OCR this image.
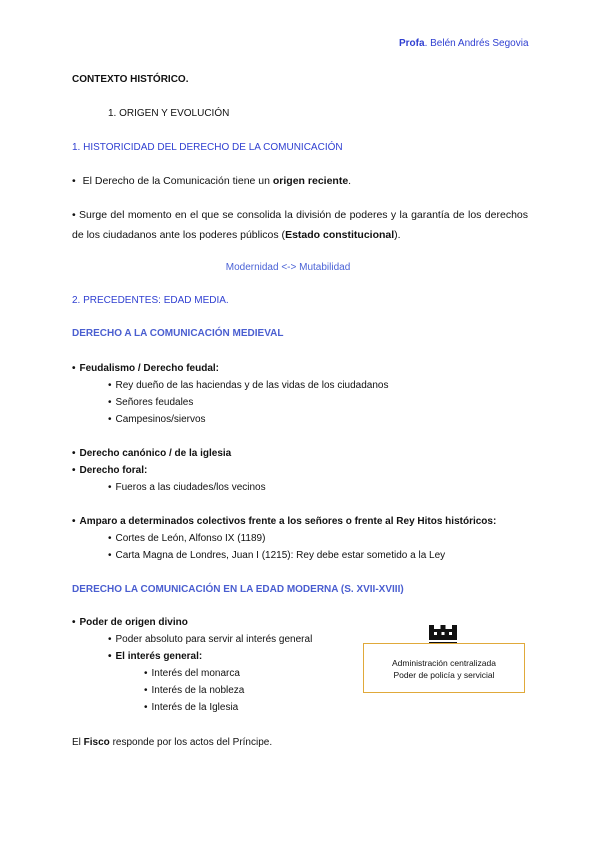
Profa. Belén Andrés Segovia
CONTEXTO HISTÓRICO.
1. ORIGEN Y EVOLUCIÓN
1. HISTORICIDAD DEL DERECHO DE LA COMUNICACIÓN
• El Derecho de la Comunicación tiene un origen reciente.
• Surge del momento en el que se consolida la división de poderes y la garantía de los derechos de los ciudadanos ante los poderes públicos (Estado constitucional).
Modernidad <-> Mutabilidad
2. PRECEDENTES: EDAD MEDIA.
DERECHO A LA COMUNICACIÓN MEDIEVAL
• Feudalismo / Derecho feudal:
• Rey dueño de las haciendas y de las vidas de los ciudadanos
• Señores feudales
• Campesinos/siervos
• Derecho canónico / de la iglesia
• Derecho foral:
• Fueros a las ciudades/los vecinos
• Amparo a determinados colectivos frente a los señores o frente al Rey Hitos históricos:
• Cortes de León, Alfonso IX (1189)
• Carta Magna de Londres, Juan I (1215): Rey debe estar sometido a la Ley
DERECHO LA COMUNICACIÓN EN LA EDAD MODERNA (S. XVII-XVIII)
• Poder de origen divino
• Poder absoluto para servir al interés general
• El interés general:
• Interés del monarca
• Interés de la nobleza
• Interés de la Iglesia
Administración centralizada
Poder de policía y servicial
El Fisco responde por los actos del Príncipe.
